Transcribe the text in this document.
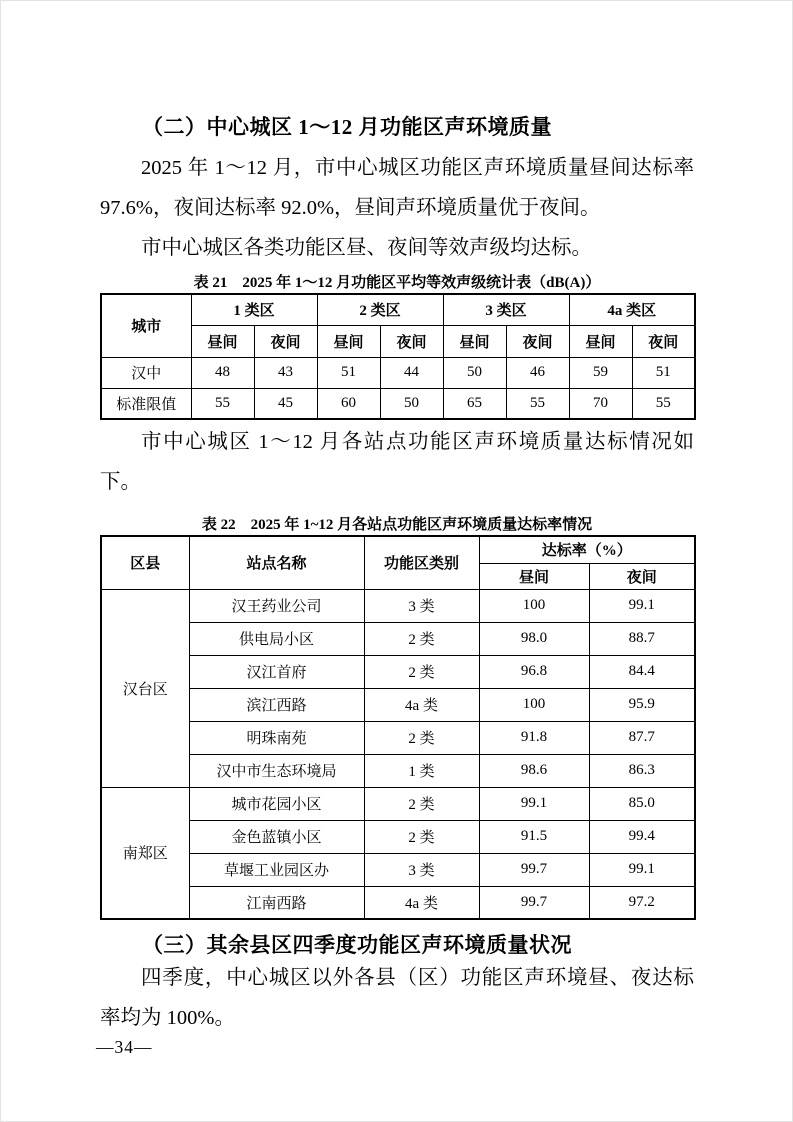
（二）中心城区 1～12 月功能区声环境质量

2025 年 1～12 月，市中心城区功能区声环境质量昼间达标率 97.6%，夜间达标率 92.0%，昼间声环境质量优于夜间。

市中心城区各类功能区昼、夜间等效声级均达标。

表 21　2025 年 1～12 月功能区平均等效声级统计表（dB(A)）

城市	1 类区		2 类区		3 类区		4a 类区	
	昼间	夜间	昼间	夜间	昼间	夜间	昼间	夜间
汉中	48	43	51	44	50	46	59	51
标准限值	55	45	60	50	65	55	70	55

市中心城区 1～12 月各站点功能区声环境质量达标情况如下。

表 22　2025 年 1~12 月各站点功能区声环境质量达标率情况

区县	站点名称	功能区类别	达标率（%）	
			昼间	夜间
汉台区	汉王药业公司	3 类	100	99.1
	供电局小区	2 类	98.0	88.7
	汉江首府	2 类	96.8	84.4
	滨江西路	4a 类	100	95.9
	明珠南苑	2 类	91.8	87.7
	汉中市生态环境局	1 类	98.6	86.3
南郑区	城市花园小区	2 类	99.1	85.0
	金色蓝镇小区	2 类	91.5	99.4
	草堰工业园区办	3 类	99.7	99.1
	江南西路	4a 类	99.7	97.2
（三）其余县区四季度功能区声环境质量状况

四季度，中心城区以外各县（区）功能区声环境昼、夜达标率均为 100%。

—34—
